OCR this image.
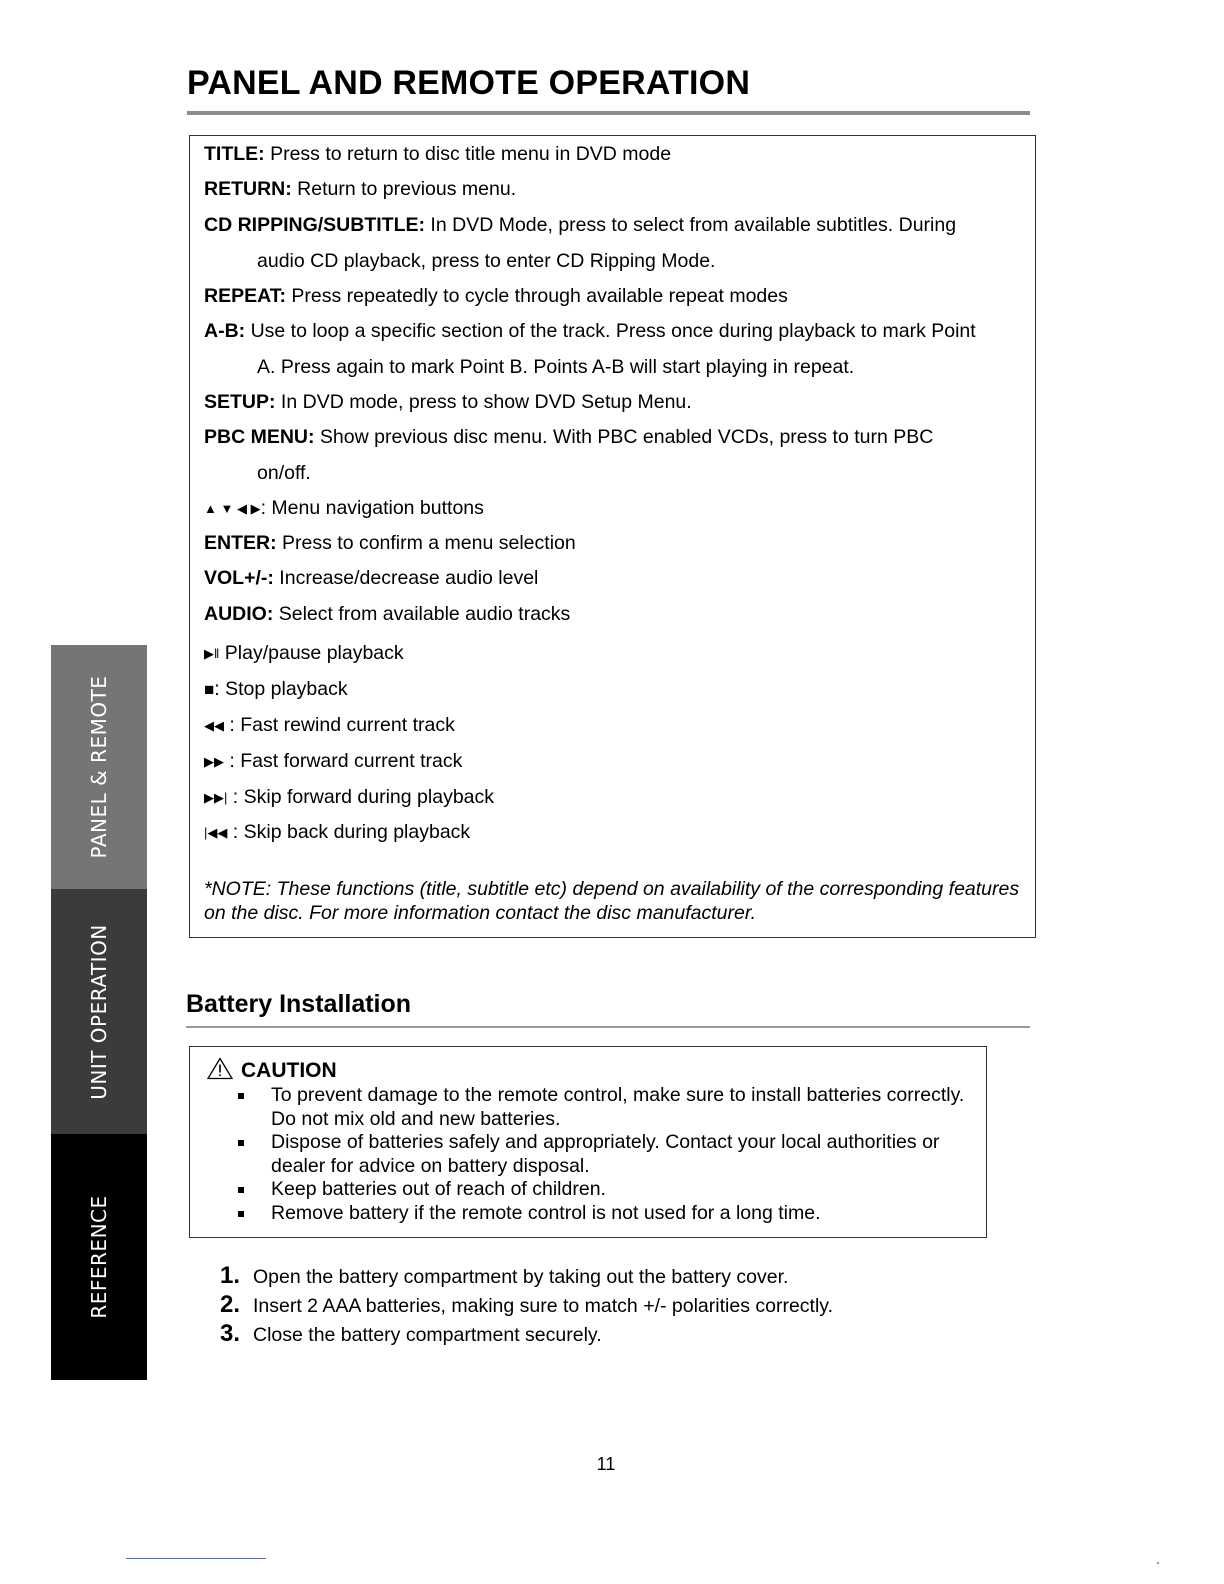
PANEL AND REMOTE OPERATION
TITLE: Press to return to disc title menu in DVD mode
RETURN: Return to previous menu.
CD RIPPING/SUBTITLE: In DVD Mode, press to select from available subtitles. During
audio CD playback, press to enter CD Ripping Mode.
REPEAT: Press repeatedly to cycle through available repeat modes
A-B: Use to loop a specific section of the track. Press once during playback to mark Point
A. Press again to mark Point B. Points A-B will start playing in repeat.
SETUP: In DVD mode, press to show DVD Setup Menu.
PBC MENU: Show previous disc menu. With PBC enabled VCDs, press to turn PBC
on/off.
▲ ▼ ◀ ▶: Menu navigation buttons
ENTER: Press to confirm a menu selection
VOL+/-: Increase/decrease audio level
AUDIO: Select from available audio tracks
▶‖ Play/pause playback
■: Stop playback
◀◀ : Fast rewind current track
▶▶ : Fast forward current track
▶▶| : Skip forward during playback
|◀◀ : Skip back during playback
*NOTE: These functions (title, subtitle etc) depend on availability of the corresponding features on the disc. For more information contact the disc manufacturer.
Battery Installation
CAUTION
To prevent damage to the remote control, make sure to install batteries correctly. Do not mix old and new batteries.
Dispose of batteries safely and appropriately. Contact your local authorities or dealer for advice on battery disposal.
Keep batteries out of reach of children.
Remove battery if the remote control is not used for a long time.
1. Open the battery compartment by taking out the battery cover.
2. Insert 2 AAA batteries, making sure to match +/- polarities correctly.
3. Close the battery compartment securely.
PANEL & REMOTE
UNIT OPERATION
REFERENCE
11
